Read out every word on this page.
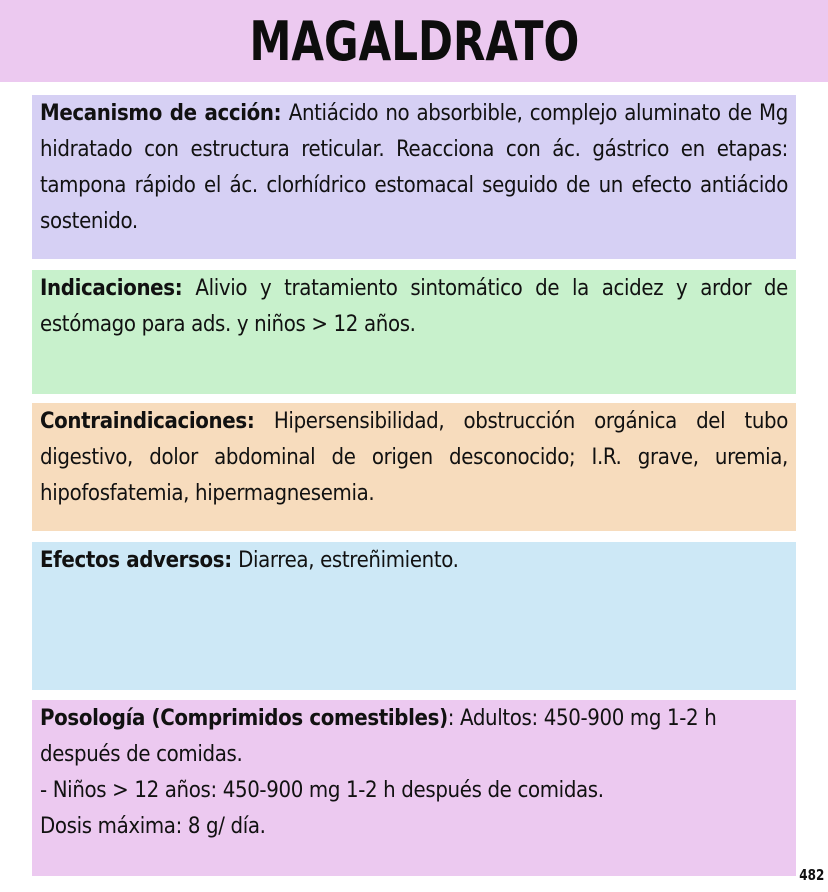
MAGALDRATO
Mecanismo de acción: Antiácido no absorbible, complejo aluminato de Mg hidratado con estructura reticular. Reacciona con ác. gástrico en etapas: tampona rápido el ác. clorhídrico estomacal seguido de un efecto antiácido sostenido.
Indicaciones: Alivio y tratamiento sintomático de la acidez y ardor de estómago para ads. y niños > 12 años.
Contraindicaciones: Hipersensibilidad, obstrucción orgánica del tubo digestivo, dolor abdominal de origen desconocido; I.R. grave, uremia, hipofosfatemia, hipermagnesemia.
Efectos adversos: Diarrea, estreñimiento.
Posología (Comprimidos comestibles): Adultos: 450-900 mg 1-2 h después de comidas.
- Niños > 12 años: 450-900 mg 1-2 h después de comidas.
Dosis máxima: 8 g/ día.
482
